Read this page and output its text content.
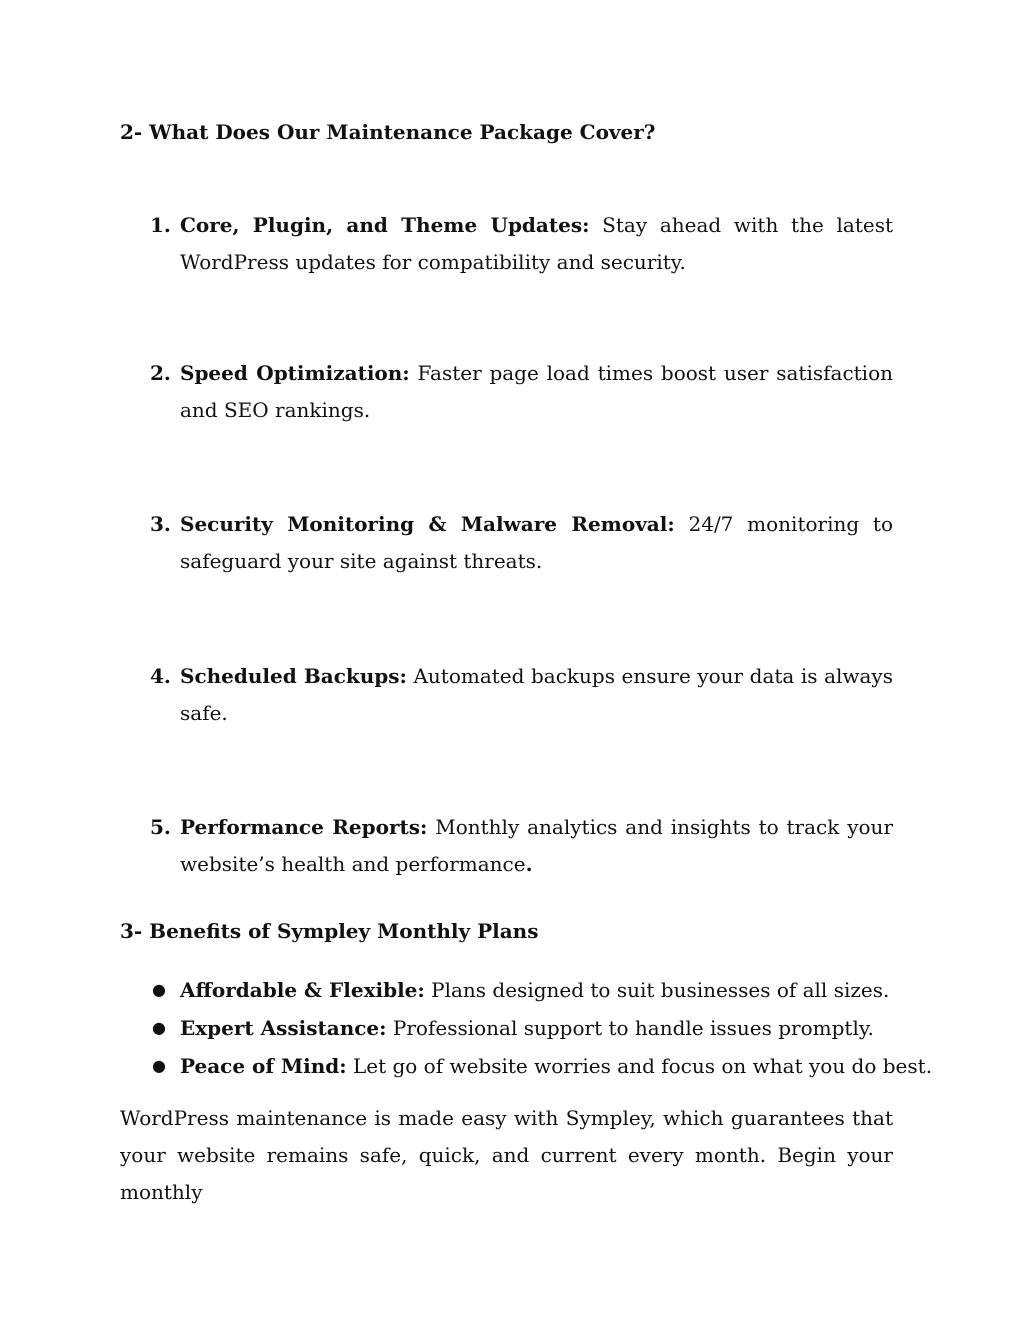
2- What Does Our Maintenance Package Cover?
1. Core, Plugin, and Theme Updates: Stay ahead with the latest WordPress updates for compatibility and security.
2. Speed Optimization: Faster page load times boost user satisfaction and SEO rankings.
3. Security Monitoring & Malware Removal: 24/7 monitoring to safeguard your site against threats.
4. Scheduled Backups: Automated backups ensure your data is always safe.
5. Performance Reports: Monthly analytics and insights to track your website’s health and performance.
3- Benefits of Sympley Monthly Plans
● Affordable & Flexible: Plans designed to suit businesses of all sizes.
● Expert Assistance: Professional support to handle issues promptly.
● Peace of Mind: Let go of website worries and focus on what you do best.
WordPress maintenance is made easy with Sympley, which guarantees that your website remains safe, quick, and current every month. Begin your monthly
